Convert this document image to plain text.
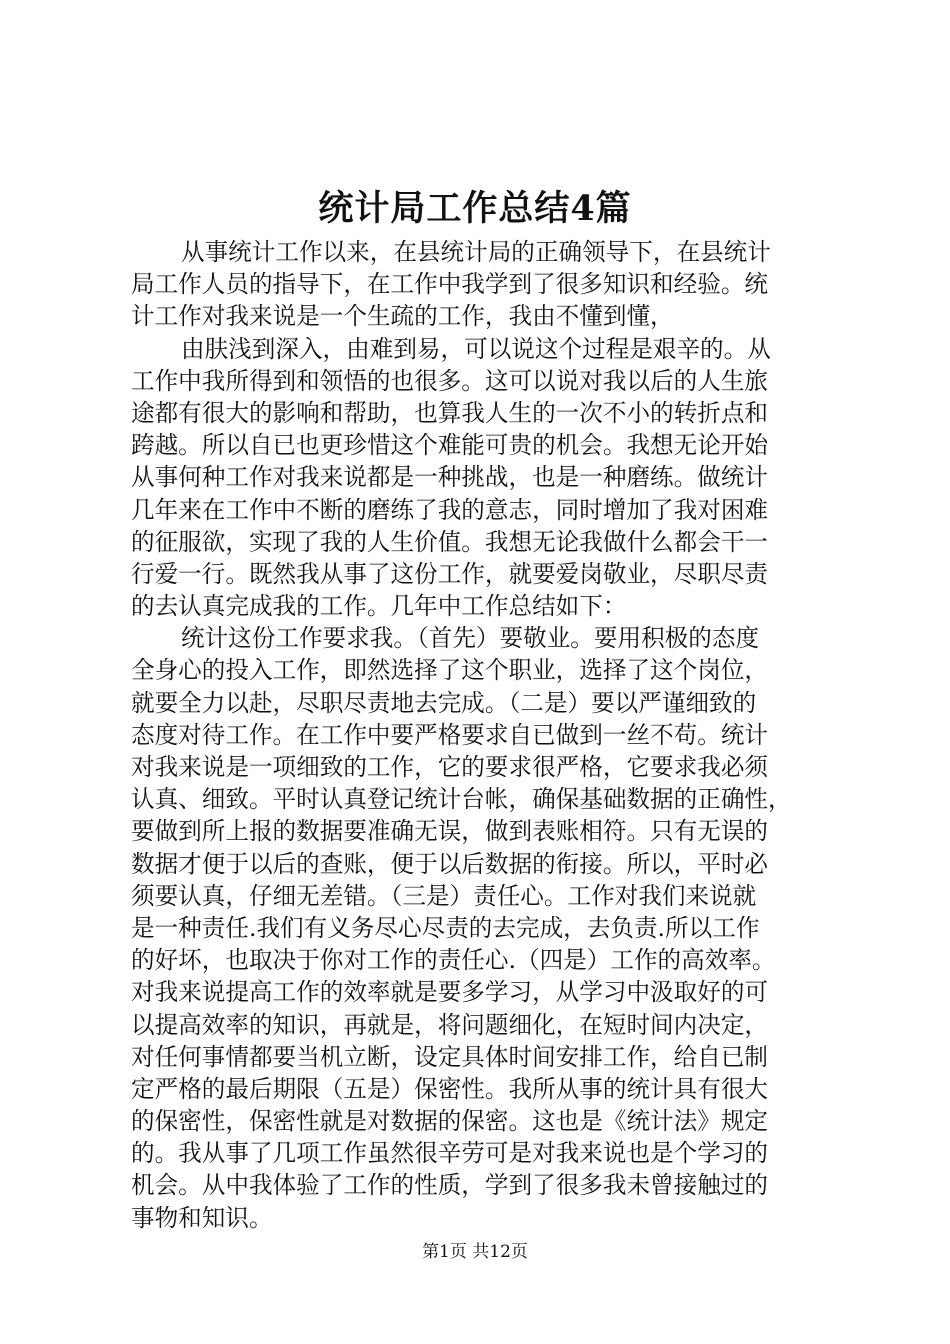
统计局工作总结4篇
从事统计工作以来，在县统计局的正确领导下，在县统计
局工作人员的指导下，在工作中我学到了很多知识和经验。统
计工作对我来说是一个生疏的工作，我由不懂到懂，
由肤浅到深入，由难到易，可以说这个过程是艰辛的。从
工作中我所得到和领悟的也很多。这可以说对我以后的人生旅
途都有很大的影响和帮助，也算我人生的一次不小的转折点和
跨越。所以自已也更珍惜这个难能可贵的机会。我想无论开始
从事何种工作对我来说都是一种挑战，也是一种磨练。做统计
几年来在工作中不断的磨练了我的意志，同时增加了我对困难
的征服欲，实现了我的人生价值。我想无论我做什么都会干一
行爱一行。既然我从事了这份工作，就要爱岗敬业，尽职尽责
的去认真完成我的工作。几年中工作总结如下：
统计这份工作要求我。（首先）要敬业。要用积极的态度
全身心的投入工作，即然选择了这个职业，选择了这个岗位，
就要全力以赴，尽职尽责地去完成。（二是）要以严谨细致的
态度对待工作。在工作中要严格要求自已做到一丝不苟。统计
对我来说是一项细致的工作，它的要求很严格，它要求我必须
认真、细致。平时认真登记统计台帐，确保基础数据的正确性，
要做到所上报的数据要准确无误，做到表账相符。只有无误的
数据才便于以后的查账，便于以后数据的衔接。所以，平时必
须要认真，仔细无差错。（三是）责任心。工作对我们来说就
是一种责任.我们有义务尽心尽责的去完成，去负责.所以工作
的好坏，也取决于你对工作的责任心.（四是）工作的高效率。
对我来说提高工作的效率就是要多学习，从学习中汲取好的可
以提高效率的知识，再就是，将问题细化，在短时间内决定，
对任何事情都要当机立断，设定具体时间安排工作，给自已制
定严格的最后期限（五是）保密性。我所从事的统计具有很大
的保密性，保密性就是对数据的保密。这也是《统计法》规定
的。我从事了几项工作虽然很辛劳可是对我来说也是个学习的
机会。从中我体验了工作的性质，学到了很多我未曾接触过的
事物和知识。
第1页 共12页
